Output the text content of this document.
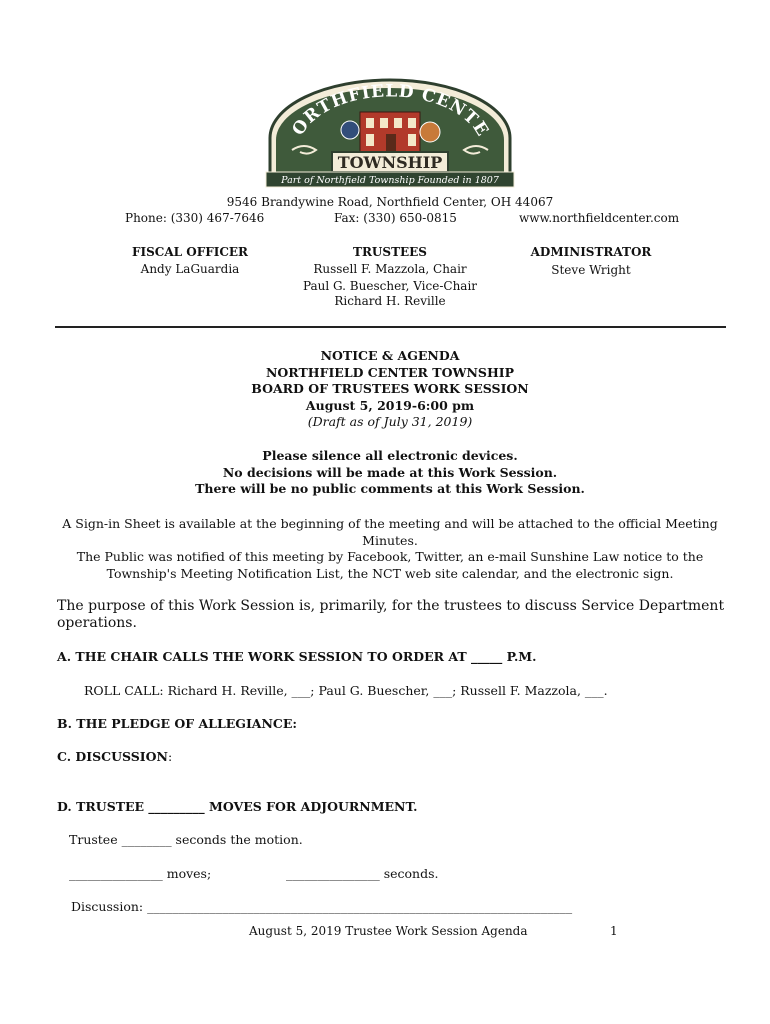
ORTHFIELD CENTE
TOWNSHIP
Part of Northfield Township Founded in 1807
9546 Brandywine Road, Northfield Center, OH 44067
Phone: (330) 467-7646	Fax: (330) 650-0815	www.northfieldcenter.com
FISCAL OFFICER
Andy LaGuardia
TRUSTEES
Russell F. Mazzola, Chair
Paul G. Buescher, Vice-Chair
Richard H. Reville
ADMINISTRATOR
Steve Wright
NOTICE & AGENDA
NORTHFIELD CENTER TOWNSHIP
BOARD OF TRUSTEES WORK SESSION
August 5, 2019-6:00 pm
(Draft as of July 31, 2019)
Please silence all electronic devices.
No decisions will be made at this Work Session.
There will be no public comments at this Work Session.
A Sign-in Sheet is available at the beginning of the meeting and will be attached to the official Meeting Minutes.
The Public was notified of this meeting by Facebook, Twitter, an e-mail Sunshine Law notice to the
Township's Meeting Notification List, the NCT web site calendar, and the electronic sign.
The purpose of this Work Session is, primarily, for the trustees to discuss Service Department
operations.
A. THE CHAIR CALLS THE WORK SESSION TO ORDER AT _____ P.M.
ROLL CALL: Richard H. Reville, ___; Paul G. Buescher, ___; Russell F. Mazzola, ___.
B. THE PLEDGE OF ALLEGIANCE:
C. DISCUSSION:
D. TRUSTEE _________ MOVES FOR ADJOURNMENT.
Trustee ________ seconds the motion.
_______________ moves;	_______________ seconds.
Discussion: ____________________________________________________________________
August 5, 2019 Trustee Work Session Agenda	1
